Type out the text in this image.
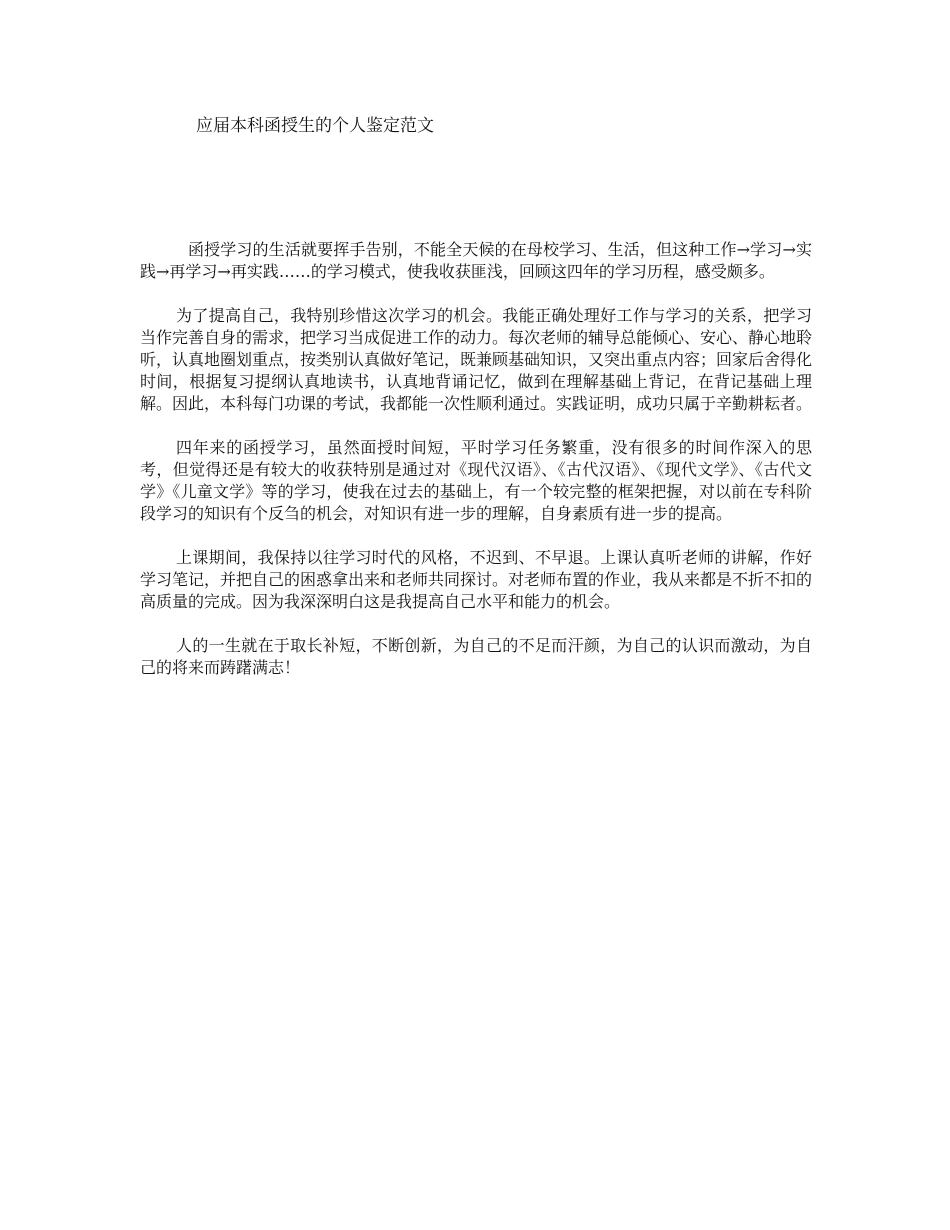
应届本科函授生的个人鉴定范文

函授学习的生活就要挥手告别，不能全天候的在母校学习、生活，但这种工作→学习→实践→再学习→再实践……的学习模式，使我收获匪浅，回顾这四年的学习历程，感受颇多。

为了提高自己，我特别珍惜这次学习的机会。我能正确处理好工作与学习的关系，把学习当作完善自身的需求，把学习当成促进工作的动力。每次老师的辅导总能倾心、安心、静心地聆听，认真地圈划重点，按类别认真做好笔记，既兼顾基础知识，又突出重点内容；回家后舍得化时间，根据复习提纲认真地读书，认真地背诵记忆，做到在理解基础上背记，在背记基础上理解。因此，本科每门功课的考试，我都能一次性顺利通过。实践证明，成功只属于辛勤耕耘者。

四年来的函授学习，虽然面授时间短，平时学习任务繁重，没有很多的时间作深入的思考，但觉得还是有较大的收获特别是通过对《现代汉语》、《古代汉语》、《现代文学》、《古代文学》《儿童文学》等的学习，使我在过去的基础上，有一个较完整的框架把握，对以前在专科阶段学习的知识有个反刍的机会，对知识有进一步的理解，自身素质有进一步的提高。

上课期间，我保持以往学习时代的风格，不迟到、不早退。上课认真听老师的讲解，作好学习笔记，并把自己的困惑拿出来和老师共同探讨。对老师布置的作业，我从来都是不折不扣的高质量的完成。因为我深深明白这是我提高自己水平和能力的机会。

人的一生就在于取长补短，不断创新，为自己的不足而汗颜，为自己的认识而激动，为自己的将来而踌躇满志！
